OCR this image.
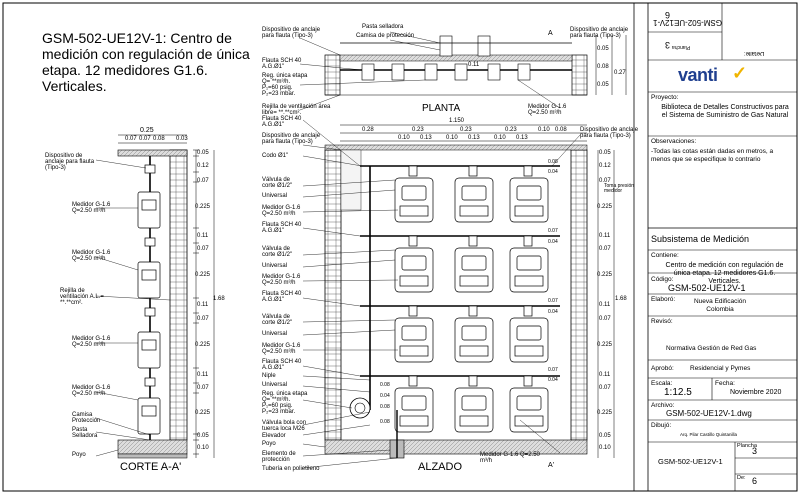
GSM-502-UE12V-1: Centro de medición con regulación de única etapa. 12 medidores G1.6. Verticales.
CORTE A-A'
0.25
0.07 0.07 0.08 0.03
Dispositivo de anclaje para flauta (Tipo-3)
Medidor G-1.6 Q=2.50 m³/h
Medidor G-1.6 Q=2.50 m³/h
Rejilla de ventilación A.L.= **.**cm².
Medidor G-1.6 Q=2.50 m³/h
Medidor G-1.6 Q=2.50 m³/h
Camisa Protección
Pasta Selladora
Poyo
0.05
0.12
0.07
0.225
0.11
0.07
0.225
0.11
0.07
0.225
0.11
0.07
0.225
0.05
0.10
1.68
PLANTA
Dispositivo de anclaje para flauta (Tipo-3)
Flauta SCH 40 A.G.Ø1"
Reg. única etapa Q= **m³/h. P₁=60 psig. P₂=23 mbar.
Rejilla de ventilación área libre= **.**cm².
Pasta selladora
Camisa de protección
Dispositivo de anclaje para flauta (Tipo-3)
Medidor G-1.6 Q=2.50 m³/h
A
0.05
0.08
0.05
0.27
0.11
ALZADO	A'
1.150
0.28	0.23	0.23	0.23	0.10 0.08
0.10 0.13 0.10 0.13 0.10 0.13
Flauta SCH 40 A.G.Ø1"
Dispositivo de anclaje para flauta (Tipo-3)
Codo Ø1"
Válvula de corte Ø1/2"
Universal
Medidor G-1.6 Q=2.50 m³/h
Flauta SCH 40 A.G.Ø1"
Válvula de corte Ø1/2"
Universal
Medidor G-1.6 Q=2.50 m³/h
Flauta SCH 40 A.G.Ø1"
Válvula de corte Ø1/2"
Universal
Medidor G-1.6 Q=2.50 m³/h
Flauta SCH 40 A.G.Ø1"
Niple
Universal
Reg. única etapa Q= **m³/h. P₁=60 psig. P₂=23 mbar.
Válvula bola con tuerca loca M26
Elevador
Poyo
Elemento de protección
Tubería en polietileno
Dispositivo de anclaje para flauta (Tipo-3)
Toma presión medidor
Medidor G-1.6 Q=2.50 m³/h
0.05
0.12
0.07
0.225
0.11
0.07
0.225
0.11
0.07
0.225
0.11
0.07
0.225
0.05
0.10
1.68
0.08
0.04
0.07
0.04
0.07
0.04
0.07
0.04
0.08
0.04
0.08
0.08
GSM-502-UE12V-1
Detalle:
3 Plancha
6
vanti ✓
Proyecto:
Biblioteca de Detalles Constructivos para el Sistema de Suministro de Gas Natural
Observaciones:
-Todas las cotas están dadas en metros, a menos que se especifique lo contrario
Subsistema de Medición
Contiene:
Centro de medición con regulación de única etapa. 12 medidores G1.6. Verticales.
Código:
GSM-502-UE12V-1
Elaboró:	Nueva Edificación Colombia
Revisó:
Normativa Gestión de Red Gas
Aprobó: Residencial y Pymes
Escala:
1:12.5
Fecha:
Noviembre 2020
Archivo:
GSM-502-UE12V-1.dwg
Dibujó:
Arq. Pilar Castillo Quintanilla
GSM-502-UE12V-1
Plancha
3
De: 6
